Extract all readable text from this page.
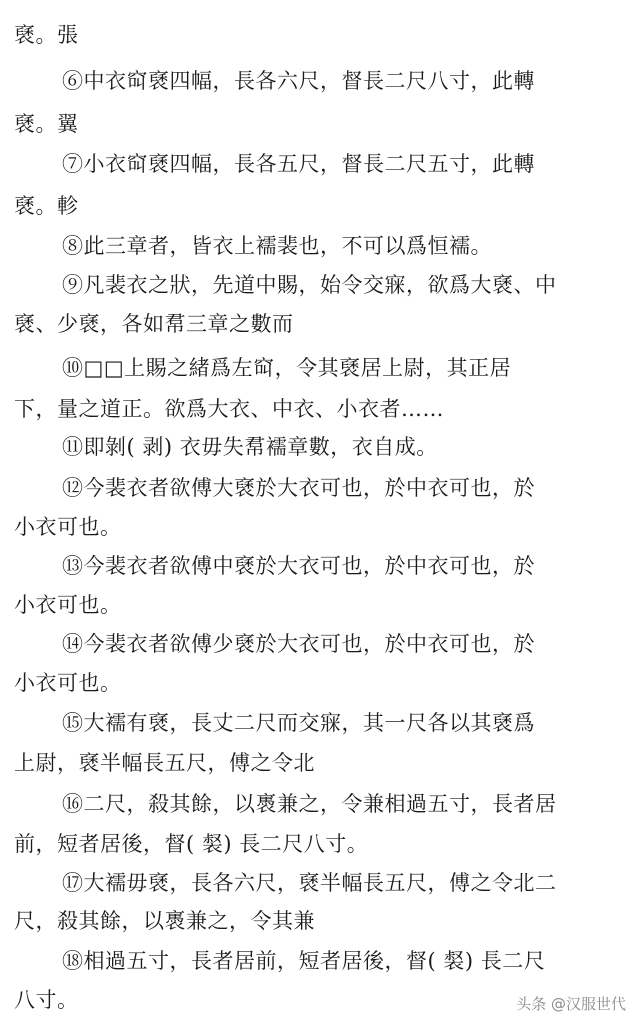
褎。張
⑥中衣䆗褎四幅，長各六尺，督長二尺八寸，此轉
褎。翼
⑦小衣䆗褎四幅，長各五尺，督長二尺五寸，此轉
褎。軫
⑧此三章者，皆衣上襦裴也，不可以爲恒襦。
⑨凡裴衣之狀，先道中賜，始令交㝥，欲爲大褎、中
褎、少褎，各如帬三章之數而
⑩□□上賜之緒爲左䆗，令其褎居上尉，其正居
下，量之道正。欲爲大衣、中衣、小衣者……
⑪即剝( 剥) 衣毋失帬襦章數，衣自成。
⑫今裴衣者欲傅大褎於大衣可也，於中衣可也，於
小衣可也。
⑬今裴衣者欲傅中褎於大衣可也，於中衣可也，於
小衣可也。
⑭今裴衣者欲傅少褎於大衣可也，於中衣可也，於
小衣可也。
⑮大襦有褎，長丈二尺而交㝥，其一尺各以其褎爲
上尉，褎半幅長五尺，傅之令北
⑯二尺，殺其餘，以褭兼之，令兼相過五寸，長者居
前，短者居後，督( 裻) 長二尺八寸。
⑰大襦毋褎，長各六尺，褎半幅長五尺，傅之令北二
尺，殺其餘，以褭兼之，令其兼
⑱相過五寸，長者居前，短者居後，督( 裻) 長二尺
八寸。	头条 @汉服世代
